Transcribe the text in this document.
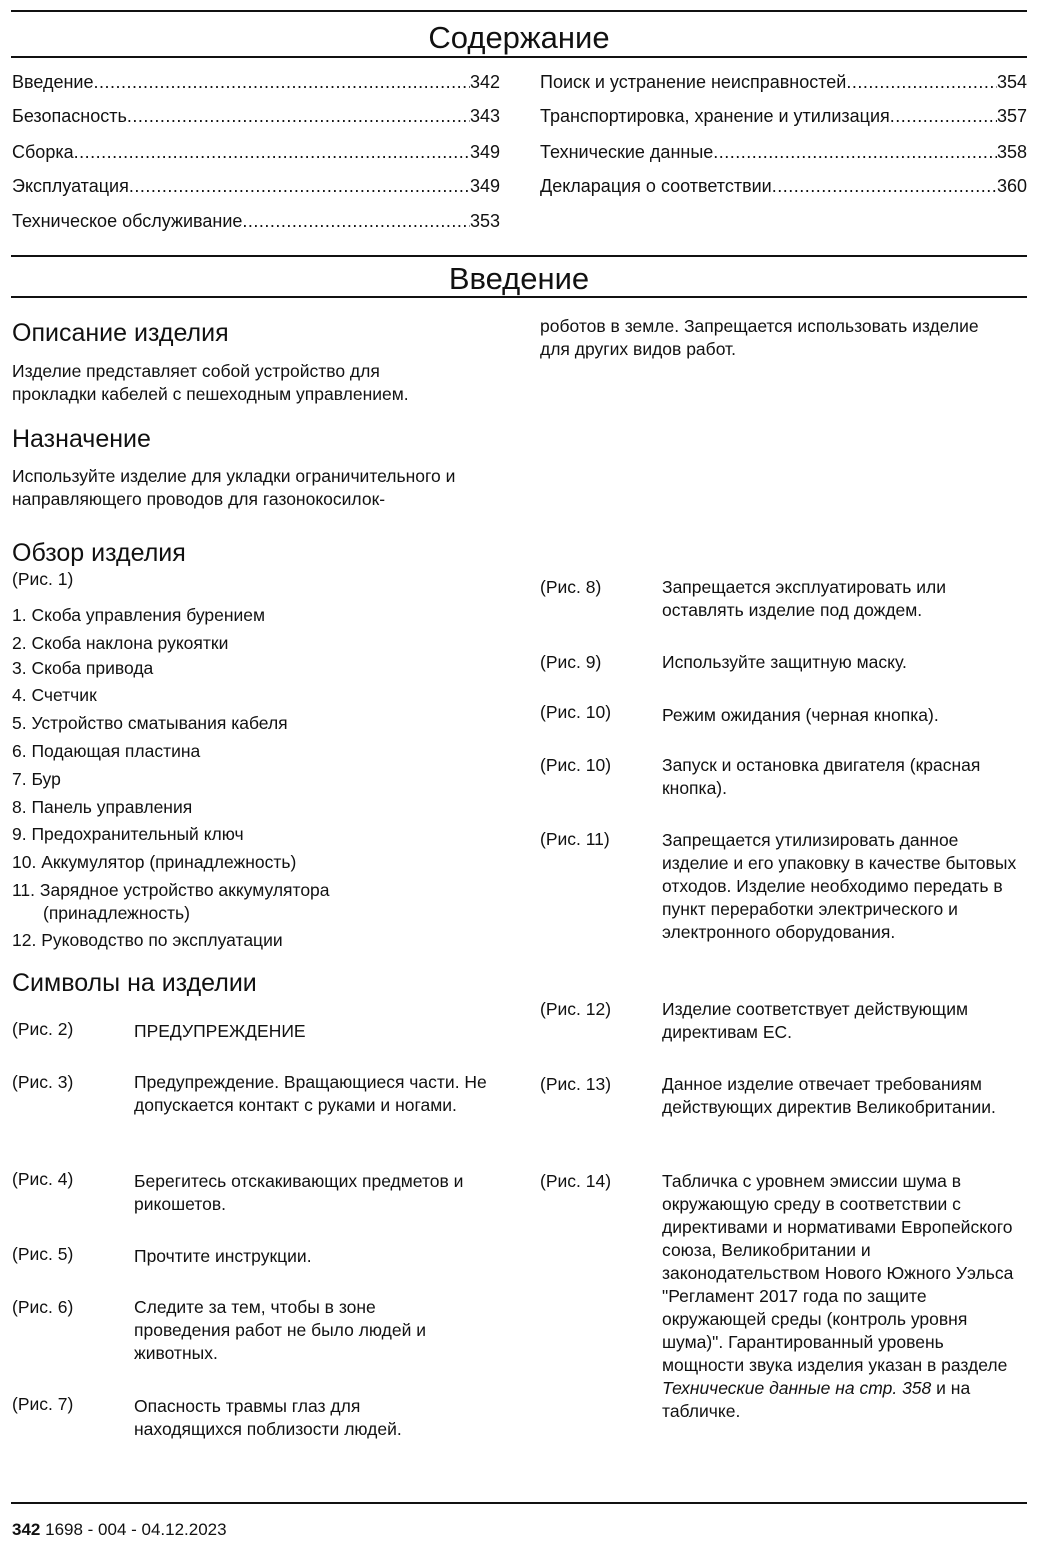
Содержание
Введение .....	342
Безопасность .....	343
Сборка .....	349
Эксплуатация .....	349
Техническое обслуживание .....	353
Поиск и устранение неисправностей .....	354
Транспортировка, хранение и утилизация .....	357
Технические данные .....	358
Декларация о соответствии .....	360
Введение
Описание изделия
Изделие представляет собой устройство для прокладки кабелей с пешеходным управлением.
Назначение
Используйте изделие для укладки ограничительного и направляющего проводов для газонокосилок-
роботов в земле. Запрещается использовать изделие для других видов работ.
Обзор изделия
(Рис. 1)
1. Скоба управления бурением
2. Скоба наклона рукоятки
3. Скоба привода
4. Счетчик
5. Устройство сматывания кабеля
6. Подающая пластина
7. Бур
8. Панель управления
9. Предохранительный ключ
10. Аккумулятор (принадлежность)
11. Зарядное устройство аккумулятора
(принадлежность)
12. Руководство по эксплуатации
Символы на изделии
(Рис. 2)	ПРЕДУПРЕЖДЕНИЕ
(Рис. 3)	Предупреждение. Вращающиеся части. Не допускается контакт с руками и ногами.
(Рис. 4)	Берегитесь отскакивающих предметов и рикошетов.
(Рис. 5)	Прочтите инструкции.
(Рис. 6)	Следите за тем, чтобы в зоне проведения работ не было людей и животных.
(Рис. 7)	Опасность травмы глаз для находящихся поблизости людей.
(Рис. 8)	Запрещается эксплуатировать или оставлять изделие под дождем.
(Рис. 9)	Используйте защитную маску.
(Рис. 10)	Режим ожидания (черная кнопка).
(Рис. 10)	Запуск и остановка двигателя (красная кнопка).
(Рис. 11)	Запрещается утилизировать данное изделие и его упаковку в качестве бытовых отходов. Изделие необходимо передать в пункт переработки электрического и электронного оборудования.
(Рис. 12)	Изделие соответствует действующим директивам ЕС.
(Рис. 13)	Данное изделие отвечает требованиям действующих директив Великобритании.
(Рис. 14)	Табличка с уровнем эмиссии шума в окружающую среду в соответствии с директивами и нормативами Европейского союза, Великобритании и законодательством Нового Южного Уэльса "Регламент 2017 года по защите окружающей среды (контроль уровня шума)". Гарантированный уровень мощности звука изделия указан в разделе Технические данные на стр. 358 и на табличке.
342 1698 - 004 - 04.12.2023
